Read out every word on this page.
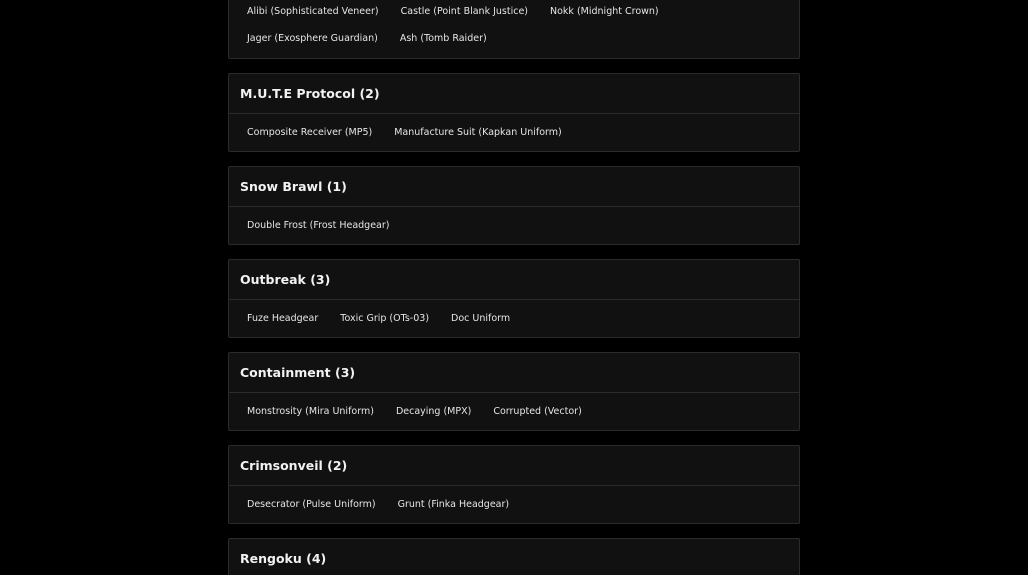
Alibi (Sophisticated Veneer)	Castle (Point Blank Justice)	Nokk (Midnight Crown)
Jager (Exosphere Guardian)	Ash (Tomb Raider)
M.U.T.E Protocol (2)
Composite Receiver (MP5)	Manufacture Suit (Kapkan Uniform)
Snow Brawl (1)
Double Frost (Frost Headgear)
Outbreak (3)
Fuze Headgear	Toxic Grip (OTs-03)	Doc Uniform
Containment (3)
Monstrosity (Mira Uniform)	Decaying (MPX)	Corrupted (Vector)
Crimsonveil (2)
Desecrator (Pulse Uniform)	Grunt (Finka Headgear)
Rengoku (4)
